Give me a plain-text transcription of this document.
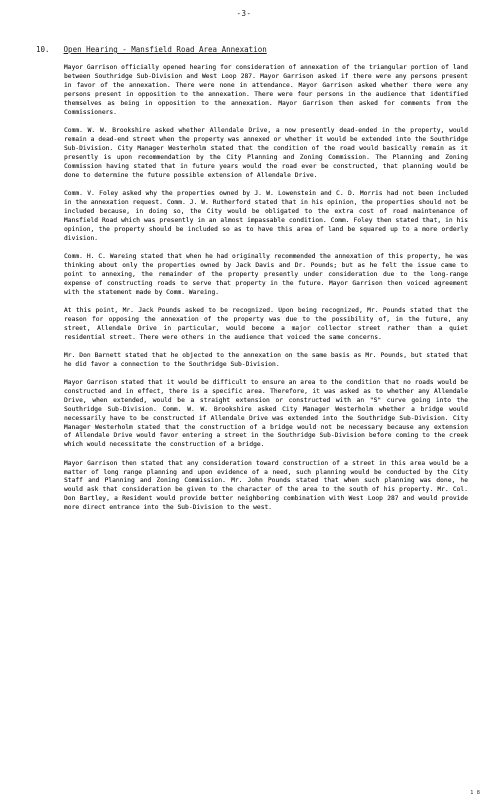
-3-
10. Open Hearing - Mansfield Road Area Annexation

Mayor Garrison officially opened hearing for consideration of annexation of the triangular portion of land between Southridge Sub-Division and West Loop 287. Mayor Garrison asked if there were any persons present in favor of the annexation. There were none in attendance. Mayor Garrison asked whether there were any persons present in opposition to the annexation. There were four persons in the audience that identified themselves as being in opposition to the annexation. Mayor Garrison then asked for comments from the Commissioners.

Comm. W. W. Brookshire asked whether Allendale Drive, a now presently dead-ended in the property, would remain a dead-end street when the property was annexed or whether it would be extended into the Southridge Sub-Division. City Manager Westerholm stated that the condition of the road would basically remain as it presently is upon recommendation by the City Planning and Zoning Commission. The Planning and Zoning Commission having stated that in future years would the road ever be constructed, that planning would be done to determine the future possible extension of Allendale Drive.

Comm. V. Foley asked why the properties owned by J. W. Lowenstein and C. D. Morris had not been included in the annexation request. Comm. J. W. Rutherford stated that in his opinion, the properties should not be included because, in doing so, the City would be obligated to the extra cost of road maintenance of Mansfield Road which was presently in an almost impassable condition. Comm. Foley then stated that, in his opinion, the property should be included so as to have this area of land be squared up to a more orderly division.

Comm. H. C. Wareing stated that when he had originally recommended the annexation of this property, he was thinking about only the properties owned by Jack Davis and Dr. Pounds; but as he felt the issue came to point to annexing, the remainder of the property presently under consideration due to the long-range expense of constructing roads to serve that property in the future. Mayor Garrison then voiced agreement with the statement made by Comm. Wareing.

At this point, Mr. Jack Pounds asked to be recognized. Upon being recognized, Mr. Pounds stated that the reason for opposing the annexation of the property was due to the possibility of, in the future, any street, Allendale Drive in particular, would become a major collector street rather than a quiet residential street. There were others in the audience that voiced the same concerns.

Mr. Don Barnett stated that he objected to the annexation on the same basis as Mr. Pounds, but stated that he did favor a connection to the Southridge Sub-Division.

Mayor Garrison stated that it would be difficult to ensure an area to the condition that no roads would be constructed and in effect, there is a specific area. Therefore, it was asked as to whether any Allendale Drive, when extended, would be a straight extension or constructed with an "S" curve going into the Southridge Sub-Division. Comm. W. W. Brookshire asked City Manager Westerholm whether a bridge would necessarily have to be constructed if Allendale Drive was extended into the Southridge Sub-Division. City Manager Westerholm stated that the construction of a bridge would not be necessary because any extension of Allendale Drive would favor entering a street in the Southridge Sub-Division before coming to the creek which would necessitate the construction of a bridge.

Mayor Garrison then stated that any consideration toward construction of a street in this area would be a matter of long range planning and upon evidence of a need, such planning would be conducted by the City Staff and Planning and Zoning Commission. Mr. John Pounds stated that when such planning was done, he would ask that consideration be given to the character of the area to the south of his property. Mr. Col. Don Bartley, a Resident would provide better neighboring combination with West Loop 287 and would provide more direct entrance into the Sub-Division to the west.

1 8
